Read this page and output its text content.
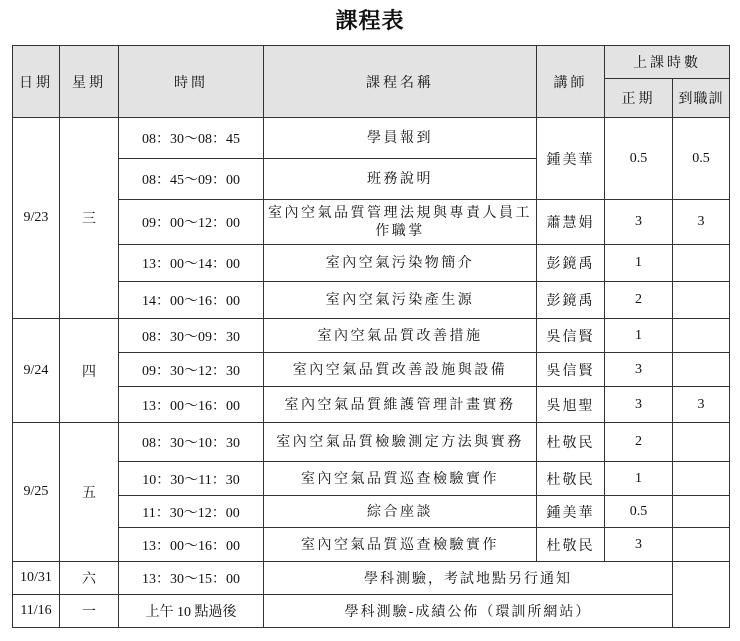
課程表
日期	星期	時間	課程名稱	講師	上課時數	
					正期	到職訓
9/23	三	08：30～08：45	學員報到	鍾美華	0.5	0.5
		08：45～09：00	班務說明			
		09：00～12：00	室內空氣品質管理法規與專責人員工作職掌	蕭慧娟	3	3
		13：00～14：00	室內空氣污染物簡介	彭鏡禹	1	
		14：00～16：00	室內空氣污染產生源	彭鏡禹	2	
9/24	四	08：30～09：30	室內空氣品質改善措施	吳信賢	1	
		09：30～12：30	室內空氣品質改善設施與設備	吳信賢	3	
		13：00～16：00	室內空氣品質維護管理計畫實務	吳旭聖	3	3
9/25	五	08：30～10：30	室內空氣品質檢驗測定方法與實務	杜敬民	2	
		10：30～11：30	室內空氣品質巡查檢驗實作	杜敬民	1	
		11：30～12：00	綜合座談	鍾美華	0.5	
		13：00～16：00	室內空氣品質巡查檢驗實作	杜敬民	3	
10/31	六	13：30～15：00	學科測驗，考試地點另行通知			
11/16	一	上午 10 點過後	學科測驗-成績公佈（環訓所網站）			
